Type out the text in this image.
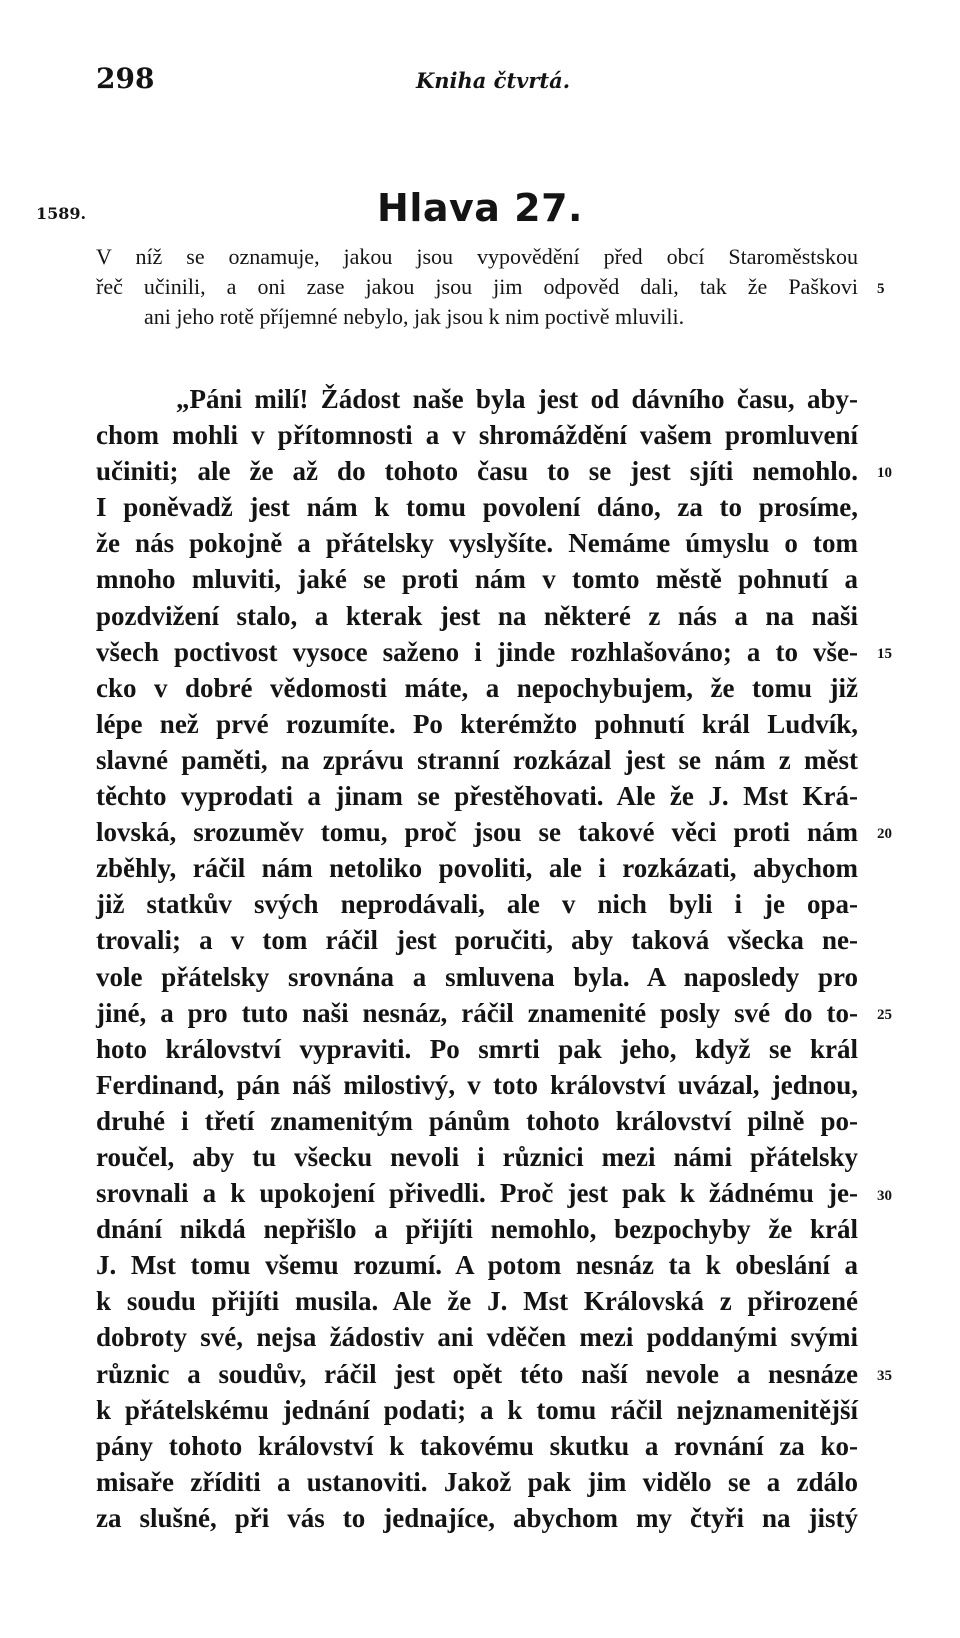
298	Kniha čtvrtá.
1589.	Hlava 27.
V níž se oznamuje, jakou jsou vypovědění před obcí Staroměstskou
řeč učinili, a oni zase jakou jsou jim odpověd dali, tak že Paškovi
ani jeho rotě příjemné nebylo, jak jsou k nim poctivě mluvili.
5
„Páni milí! Žádost naše byla jest od dávního času, aby-
chom mohli v přítomnosti a v shromáždění vašem promluvení
učiniti; ale že až do tohoto času to se jest sjíti nemohlo.
I poněvadž jest nám k tomu povolení dáno, za to prosíme,
že nás pokojně a přátelsky vyslyšíte. Nemáme úmyslu o tom
mnoho mluviti, jaké se proti nám v tomto městě pohnutí a
pozdvižení stalo, a kterak jest na některé z nás a na naši
všech poctivost vysoce saženo i jinde rozhlašováno; a to vše-
cko v dobré vědomosti máte, a nepochybujem, že tomu již
lépe než prvé rozumíte. Po kterémžto pohnutí král Ludvík,
slavné paměti, na zprávu stranní rozkázal jest se nám z měst
těchto vyprodati a jinam se přestěhovati. Ale že J. Mst Krá-
lovská, srozuměv tomu, proč jsou se takové věci proti nám
zběhly, ráčil nám netoliko povoliti, ale i rozkázati, abychom
již statkův svých neprodávali, ale v nich byli i je opa-
trovali; a v tom ráčil jest poručiti, aby taková všecka ne-
vole přátelsky srovnána a smluvena byla. A naposledy pro
jiné, a pro tuto naši nesnáz, ráčil znamenité posly své do to-
hoto království vypraviti. Po smrti pak jeho, když se král
Ferdinand, pán náš milostivý, v toto království uvázal, jednou,
druhé i třetí znamenitým pánům tohoto království pilně po-
roučel, aby tu všecku nevoli i různici mezi námi přátelsky
srovnali a k upokojení přivedli. Proč jest pak k žádnému je-
dnání nikdá nepřišlo a přijíti nemohlo, bezpochyby že král
J. Mst tomu všemu rozumí. A potom nesnáz ta k obeslání a
k soudu přijíti musila. Ale že J. Mst Královská z přirozené
dobroty své, nejsa žádostiv ani vděčen mezi poddanými svými
různic a soudův, ráčil jest opět této naší nevole a nesnáze
k přátelskému jednání podati; a k tomu ráčil nejznamenitější
pány tohoto království k takovému skutku a rovnání za ko-
misaře zříditi a ustanoviti. Jakož pak jim vidělo se a zdálo
za slušné, při vás to jednajíce, abychom my čtyři na jistý
10
15
20
25
30
35
